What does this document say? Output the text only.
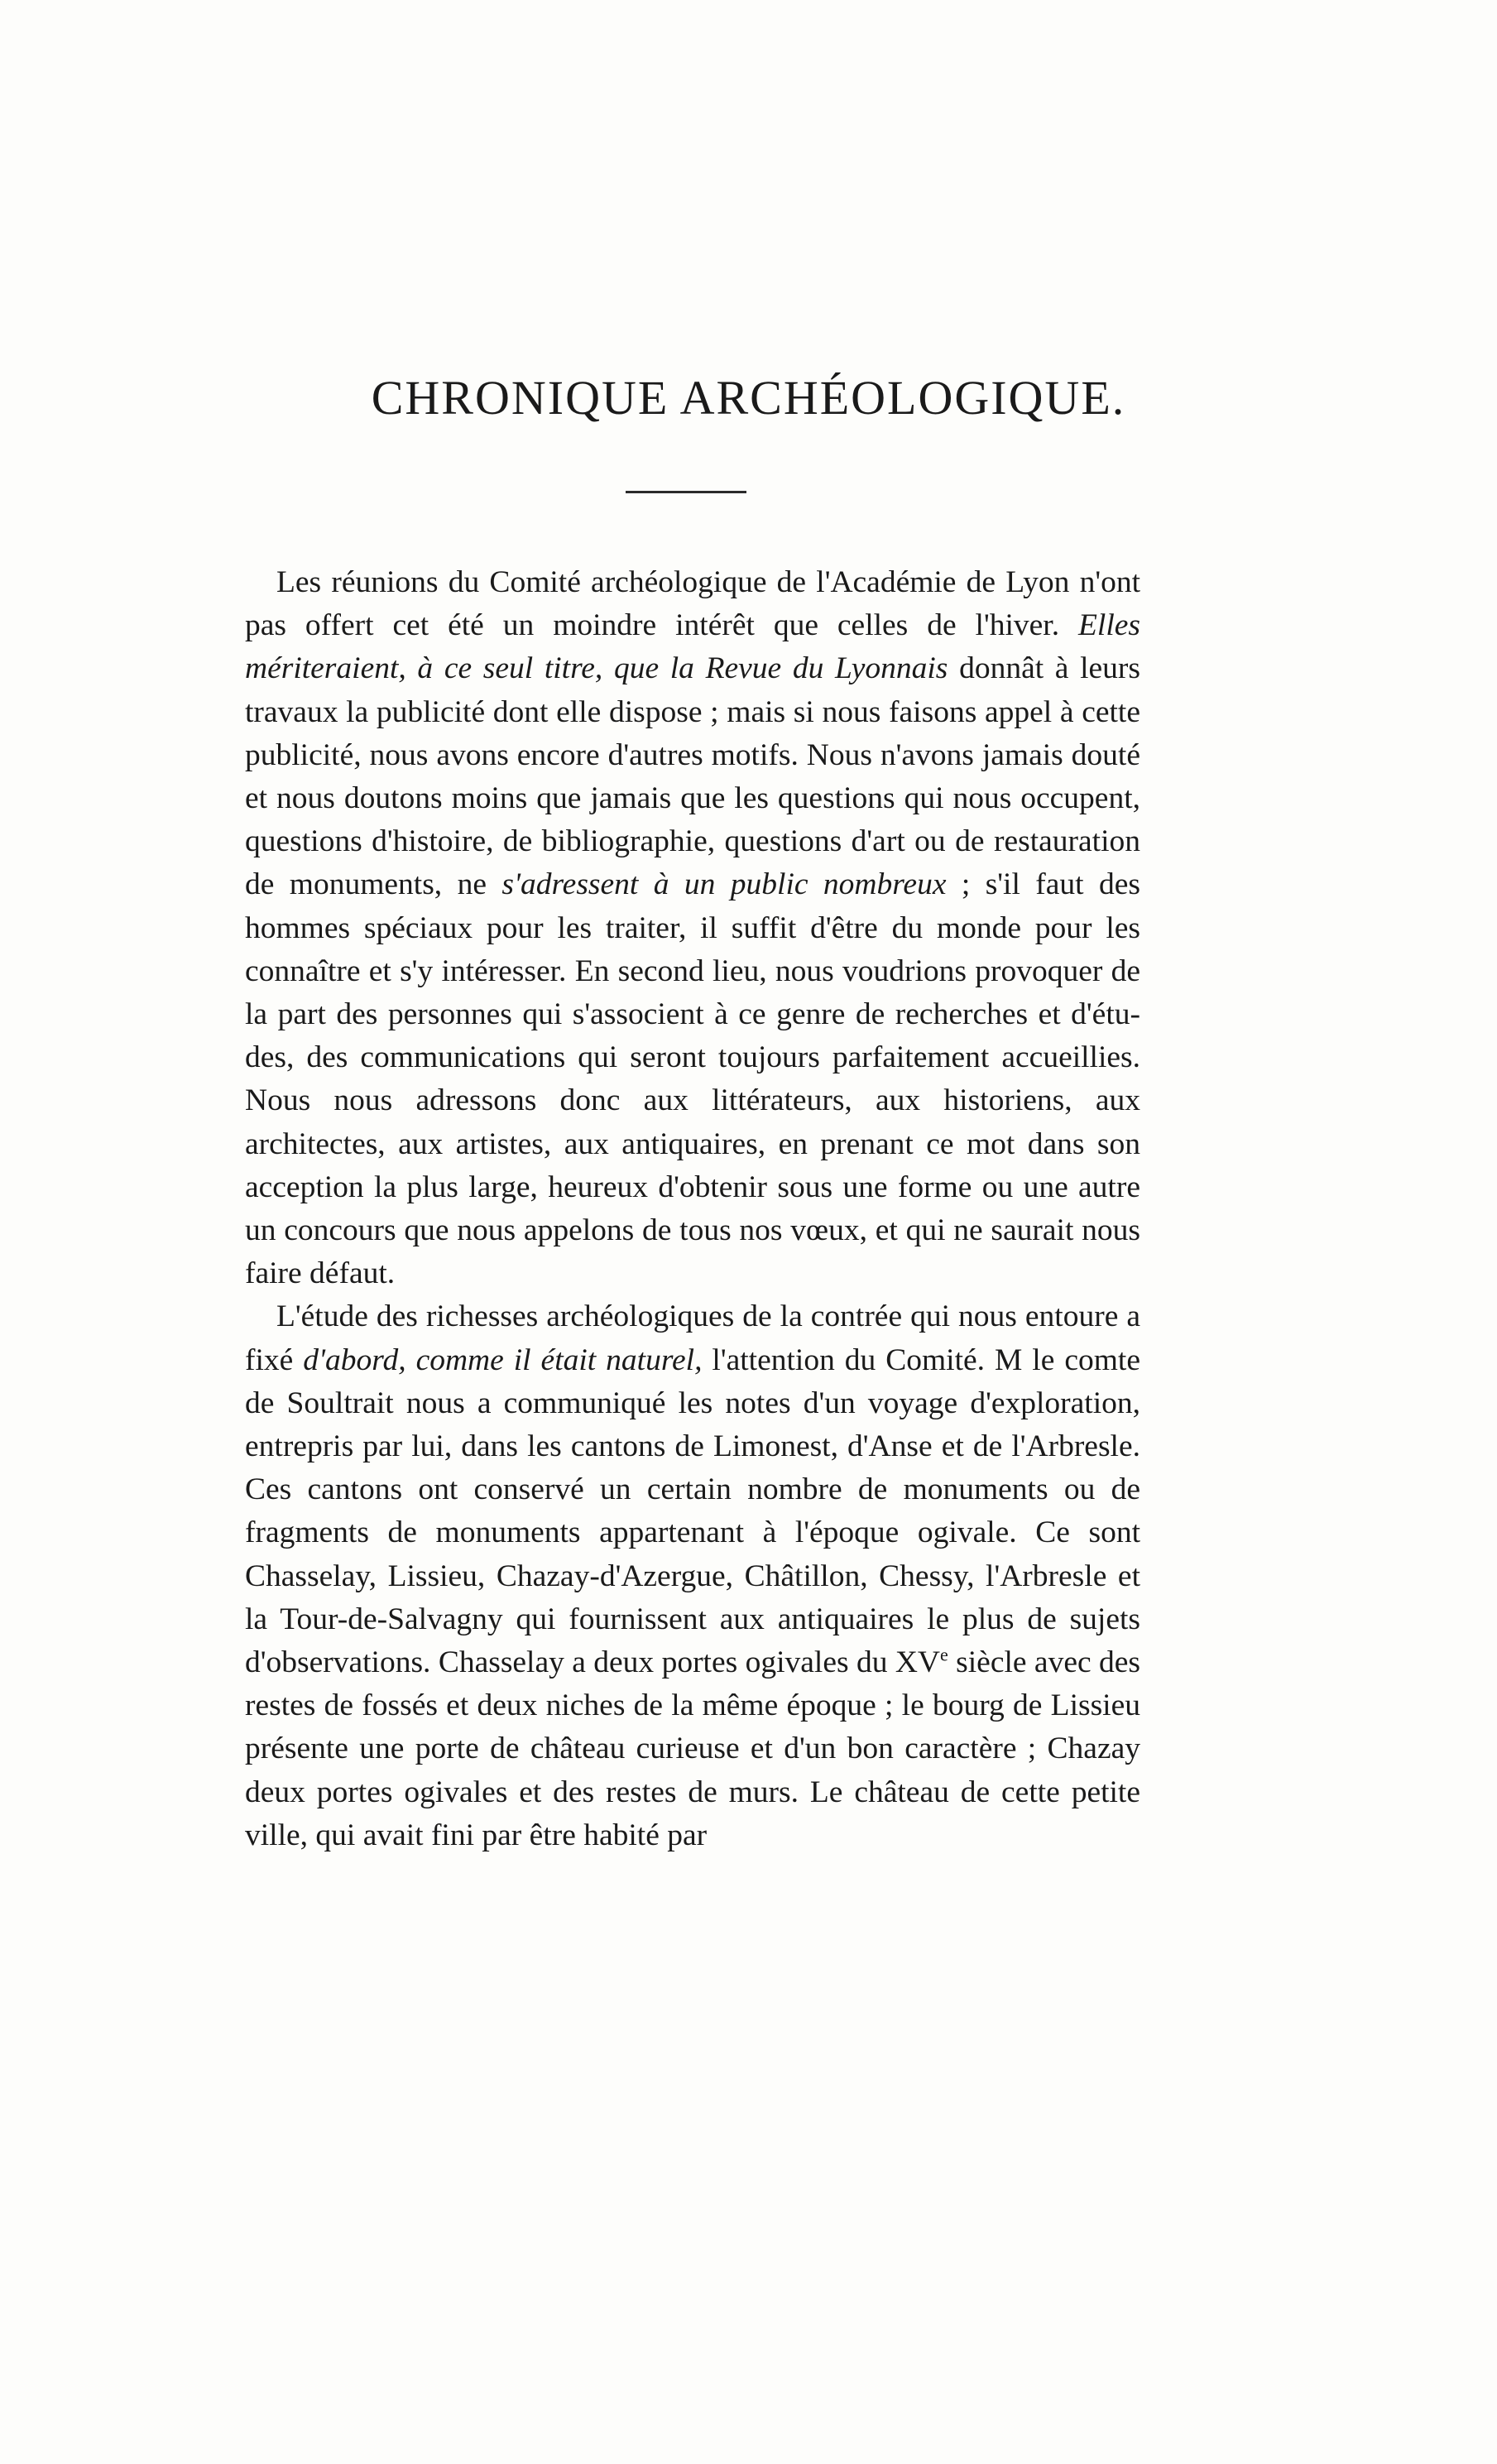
CHRONIQUE ARCHÉOLOGIQUE.

Les réunions du Comité archéologique de l'Académie de Lyon n'ont pas offert cet été un moindre intérêt que celles de l'hiver. Elles mériteraient, à ce seul titre, que la Revue du Lyonnais donnât à leurs travaux la publicité dont elle dispose ; mais si nous faisons appel à cette publicité, nous avons encore d'autres motifs. Nous n'avons jamais douté et nous doutons moins que jamais que les questions qui nous occupent, questions d'histoire, de bibliographie, questions d'art ou de restauration de monuments, ne s'adressent à un public nombreux ; s'il faut des hommes spéciaux pour les traiter, il suffit d'être du monde pour les connaître et s'y intéresser. En second lieu, nous voudrions provoquer de la part des personnes qui s'associent à ce genre de recherches et d'études, des communications qui seront toujours parfaitement accueillies. Nous nous adressons donc aux littérateurs, aux historiens, aux architectes, aux artistes, aux antiquaires, en prenant ce mot dans son acception la plus large, heureux d'obtenir sous une forme ou une autre un concours que nous appelons de tous nos vœux, et qui ne saurait nous faire défaut.

L'étude des richesses archéologiques de la contrée qui nous entoure a fixé d'abord, comme il était naturel, l'attention du Comité. M le comte de Soultrait nous a communiqué les notes d'un voyage d'exploration, entrepris par lui, dans les cantons de Limonest, d'Anse et de l'Arbresle. Ces cantons ont conservé un certain nombre de monuments ou de fragments de monuments appartenant à l'époque ogivale. Ce sont Chasselay, Lissieu, Chazay-d'Azergue, Châtillon, Chessy, l'Arbresle et la Tour-de-Salvagny qui fournissent aux antiquaires le plus de sujets d'observations. Chasselay a deux portes ogivales du XVe siècle avec des restes de fossés et deux niches de la même époque ; le bourg de Lissieu présente une porte de château curieuse et d'un bon caractère ; Chazay deux portes ogivales et des restes de murs. Le château de cette petite ville, qui avait fini par être habité par
